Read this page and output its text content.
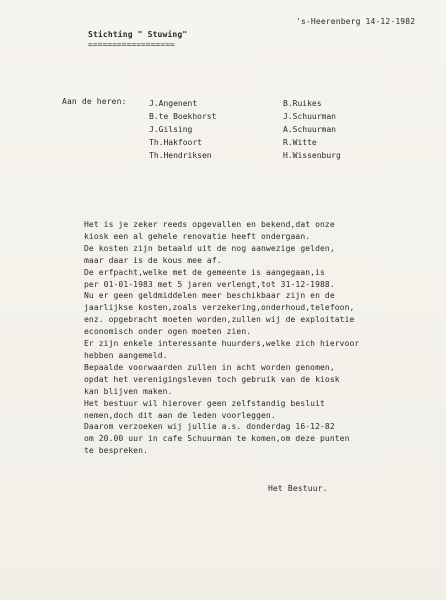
's-Heerenberg 14-12-1982
Stichting " Stuwing"
==================
Aan de heren:	J.Angenent
B.te Boekhorst
J.Gilsing
Th.Hakfoort
Th.Hendriksen
B.Ruikes
J.Schuurman
A.Schuurman
R.Witte
H.Wissenburg
Het is je zeker reeds opgevallen en bekend,dat onze
kiosk een al gehele renovatie heeft ondergaan.
De kosten zijn betaald uit de nog aanwezige gelden,
maar daar is de kous mee af.
De erfpacht,welke met de gemeente is aangegaan,is
per 01-01-1983 met 5 jaren verlengt,tot 31-12-1988.
Nu er geen geldmiddelen meer beschikbaar zijn en de
jaarlijkse kosten,zoals verzekering,onderhoud,telefoon,
enz. opgebracht moeten worden,zullen wij de exploitatie
economisch onder ogen moeten zien.
Er zijn enkele interessante huurders,welke zich hiervoor
hebben aangemeld.
Bepaalde voorwaarden zullen in acht worden genomen,
opdat het verenigingsleven toch gebruik van de kiosk
kan blijven maken.
Het bestuur wil hierover geen zelfstandig besluit
nemen,doch dit aan de leden voorleggen.
Daarom verzoeken wij jullie a.s. donderdag 16-12-82
om 20.00 uur in cafe Schuurman te komen,om deze punten
te bespreken.
Het Bestuur.
